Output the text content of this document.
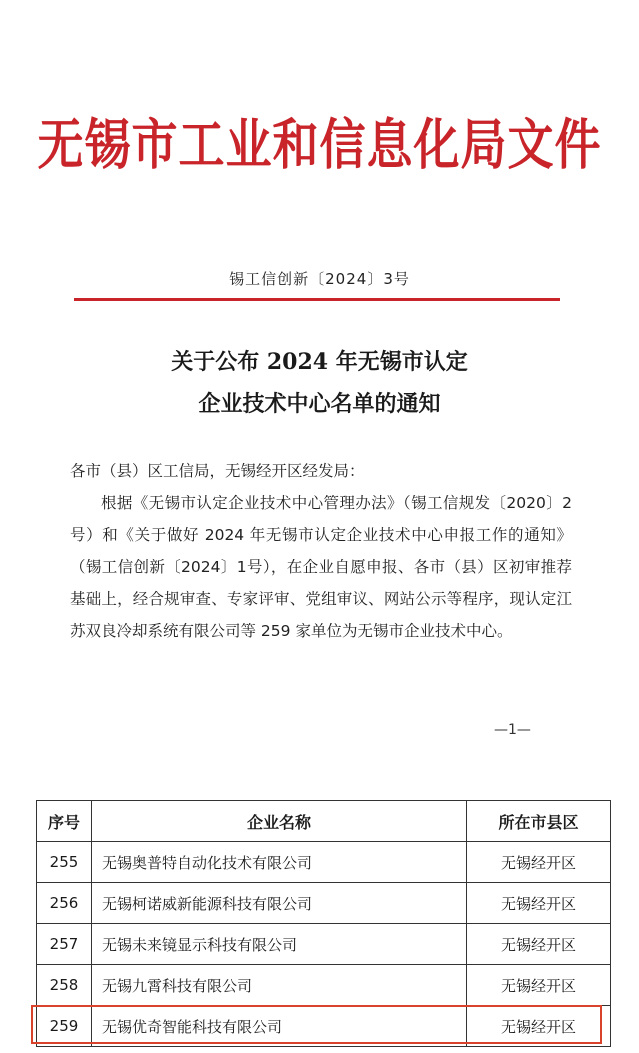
无锡市工业和信息化局文件
锡工信创新〔2024〕3号
关于公布 2024 年无锡市认定
企业技术中心名单的通知
各市（县）区工信局，无锡经开区经发局：
根据《无锡市认定企业技术中心管理办法》（锡工信规发〔2020〕2号）和《关于做好 2024 年无锡市认定企业技术中心申报工作的通知》（锡工信创新〔2024〕1号），在企业自愿申报、各市（县）区初审推荐基础上，经合规审查、专家评审、党组审议、网站公示等程序，现认定江苏双良冷却系统有限公司等 259 家单位为无锡市企业技术中心。
—1—
序号	企业名称	所在市县区
255	无锡奥普特自动化技术有限公司	无锡经开区
256	无锡柯诺威新能源科技有限公司	无锡经开区
257	无锡未来镜显示科技有限公司	无锡经开区
258	无锡九霄科技有限公司	无锡经开区
259	无锡优奇智能科技有限公司	无锡经开区
